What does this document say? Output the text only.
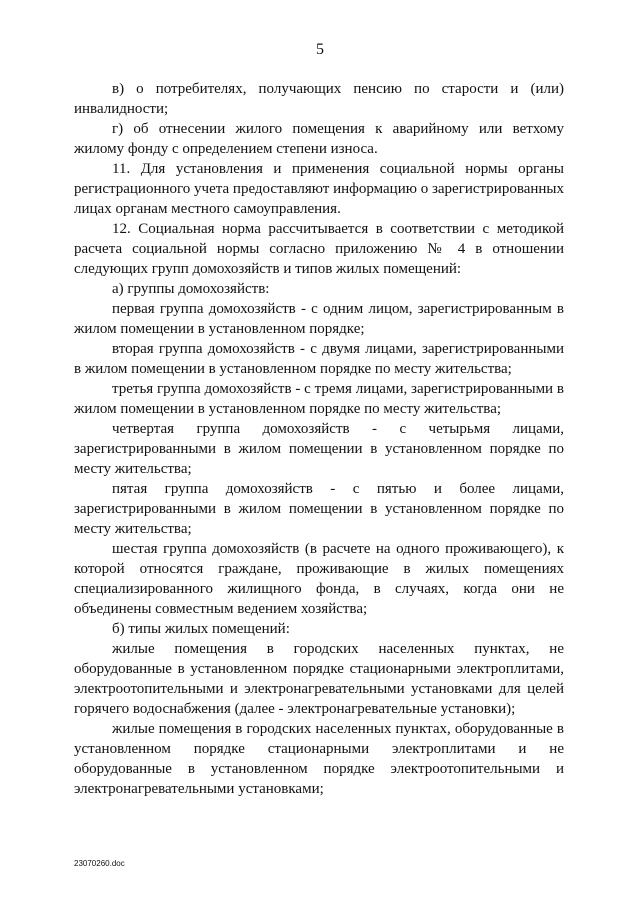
5

в) о потребителях, получающих пенсию по старости и (или) инвалидности;

г) об отнесении жилого помещения к аварийному или ветхому жилому фонду с определением степени износа.

11. Для установления и применения социальной нормы органы регистрационного учета предоставляют информацию о зарегистрированных лицах органам местного самоуправления.

12. Социальная норма рассчитывается в соответствии с методикой расчета социальной нормы согласно приложению № 4 в отношении следующих групп домохозяйств и типов жилых помещений:

а) группы домохозяйств:

первая группа домохозяйств - с одним лицом, зарегистрированным в жилом помещении в установленном порядке;

вторая группа домохозяйств - с двумя лицами, зарегистрированными в жилом помещении в установленном порядке по месту жительства;

третья группа домохозяйств - с тремя лицами, зарегистрированными в жилом помещении в установленном порядке по месту жительства;

четвертая группа домохозяйств - с четырьмя лицами, зарегистрированными в жилом помещении в установленном порядке по месту жительства;

пятая группа домохозяйств - с пятью и более лицами, зарегистрированными в жилом помещении в установленном порядке по месту жительства;

шестая группа домохозяйств (в расчете на одного проживающего), к которой относятся граждане, проживающие в жилых помещениях специализированного жилищного фонда, в случаях, когда они не объединены совместным ведением хозяйства;

б) типы жилых помещений:

жилые помещения в городских населенных пунктах, не оборудованные в установленном порядке стационарными электроплитами, электроотопительными и электронагревательными установками для целей горячего водоснабжения (далее - электронагревательные установки);

жилые помещения в городских населенных пунктах, оборудованные в установленном порядке стационарными электроплитами и не оборудованные в установленном порядке электроотопительными и электронагревательными установками;

23070260.doc
